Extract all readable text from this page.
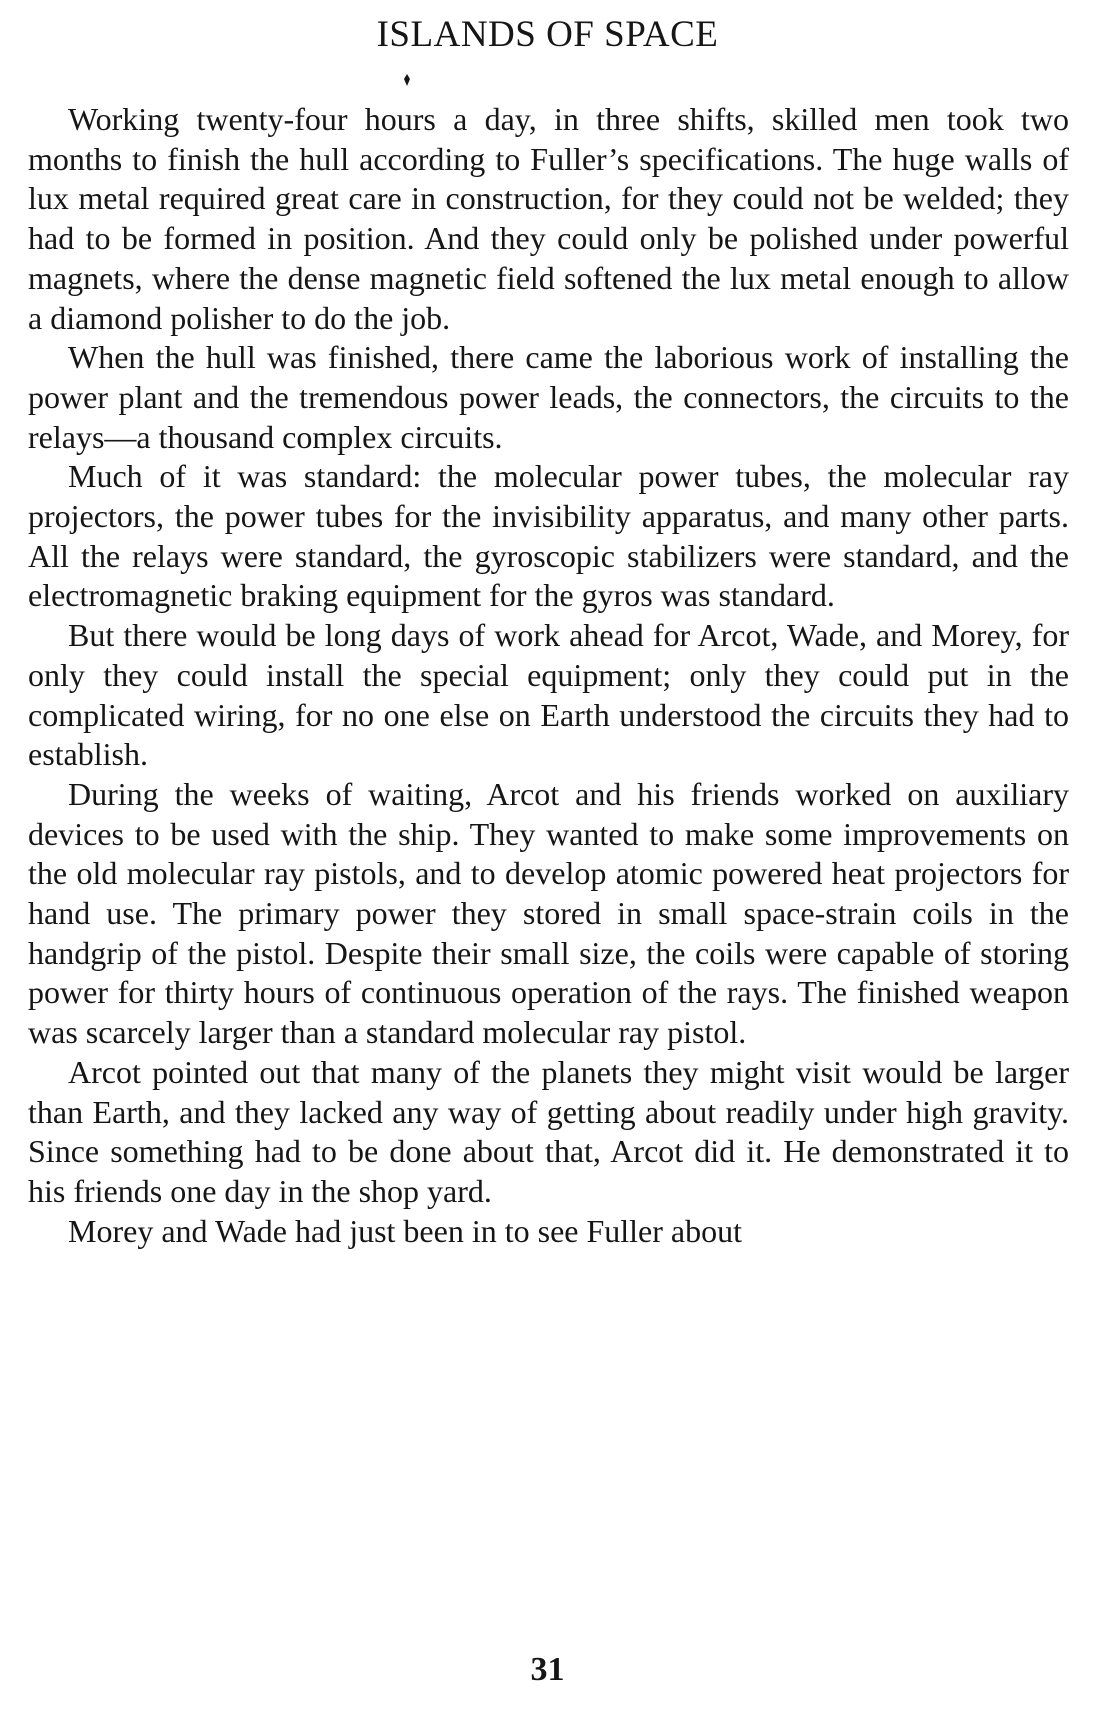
ISLANDS OF SPACE

Working twenty-four hours a day, in three shifts, skilled men took two months to finish the hull according to Fuller’s specifications. The huge walls of lux metal required great care in construction, for they could not be welded; they had to be formed in position. And they could only be polished under powerful magnets, where the dense magnetic field softened the lux metal enough to allow a diamond polisher to do the job.

When the hull was finished, there came the laborious work of installing the power plant and the tremendous power leads, the connectors, the circuits to the relays—a thousand complex circuits.

Much of it was standard: the molecular power tubes, the molecular ray projectors, the power tubes for the invisibility apparatus, and many other parts. All the relays were standard, the gyroscopic stabilizers were standard, and the electromagnetic braking equipment for the gyros was standard.

But there would be long days of work ahead for Arcot, Wade, and Morey, for only they could install the special equipment; only they could put in the complicated wiring, for no one else on Earth understood the circuits they had to establish.

During the weeks of waiting, Arcot and his friends worked on auxiliary devices to be used with the ship. They wanted to make some improvements on the old molecular ray pistols, and to develop atomic powered heat projectors for hand use. The primary power they stored in small space-strain coils in the handgrip of the pistol. Despite their small size, the coils were capable of storing power for thirty hours of continuous operation of the rays. The finished weapon was scarcely larger than a standard molecular ray pistol.

Arcot pointed out that many of the planets they might visit would be larger than Earth, and they lacked any way of getting about readily under high gravity. Since something had to be done about that, Arcot did it. He demonstrated it to his friends one day in the shop yard.

Morey and Wade had just been in to see Fuller about

31
